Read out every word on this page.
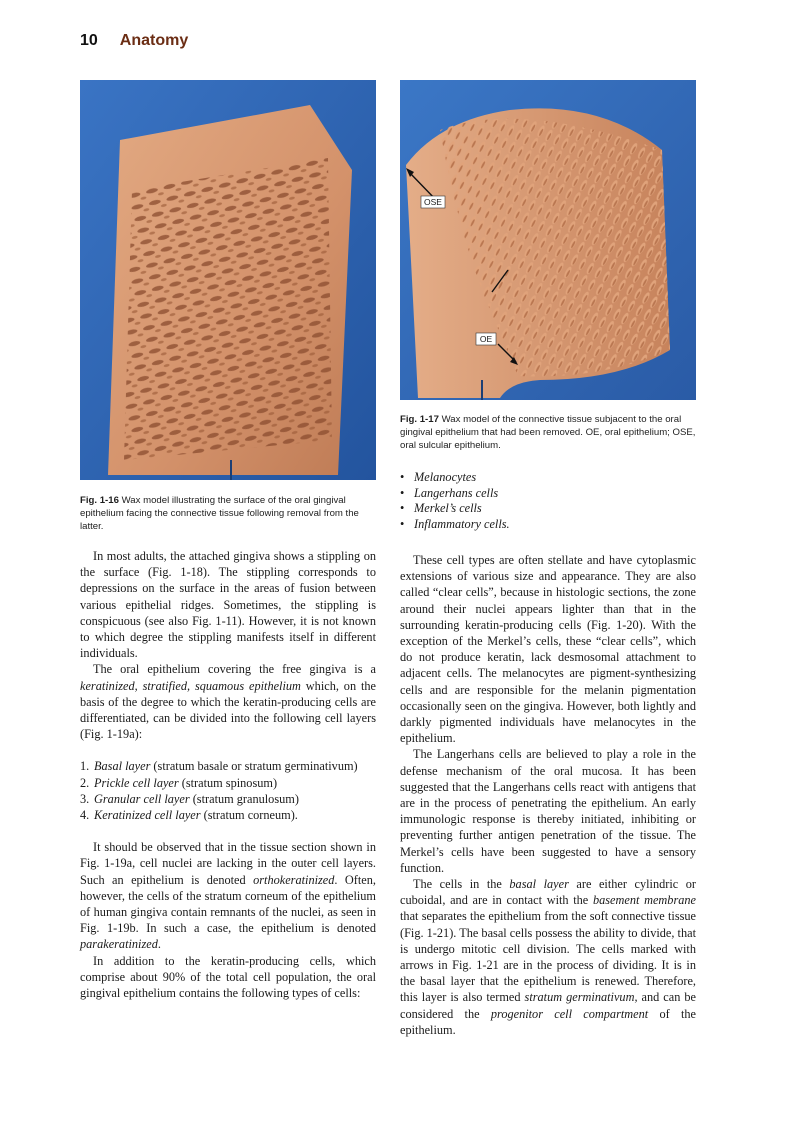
10 Anatomy
Fig. 1-16 Wax model illustrating the surface of the oral gingival epithelium facing the connective tissue following removal from the latter.
OSE
OE
Fig. 1-17 Wax model of the connective tissue subjacent to the oral gingival epithelium that had been removed. OE, oral epithelium; OSE, oral sulcular epithelium.
• Melanocytes
• Langerhans cells
• Merkel’s cells
• Inflammatory cells.

In most adults, the attached gingiva shows a stippling on the surface (Fig. 1-18). The stippling corresponds to depressions on the surface in the areas of fusion between various epithelial ridges. Sometimes, the stippling is conspicuous (see also Fig. 1-11). However, it is not known to which degree the stippling manifests itself in different individuals.

The oral epithelium covering the free gingiva is a keratinized, stratified, squamous epithelium which, on the basis of the degree to which the keratin-producing cells are differentiated, can be divided into the following cell layers (Fig. 1-19a):

1. Basal layer (stratum basale or stratum germinativum)
2. Prickle cell layer (stratum spinosum)
3. Granular cell layer (stratum granulosum)
4. Keratinized cell layer (stratum corneum).

It should be observed that in the tissue section shown in Fig. 1-19a, cell nuclei are lacking in the outer cell layers. Such an epithelium is denoted orthokeratinized. Often, however, the cells of the stratum corneum of the epithelium of human gingiva contain remnants of the nuclei, as seen in Fig. 1-19b. In such a case, the epithelium is denoted parakeratinized.

In addition to the keratin-producing cells, which comprise about 90% of the total cell population, the oral gingival epithelium contains the following types of cells:

These cell types are often stellate and have cytoplasmic extensions of various size and appearance. They are also called “clear cells”, because in histologic sections, the zone around their nuclei appears lighter than that in the surrounding keratin-producing cells (Fig. 1-20). With the exception of the Merkel’s cells, these “clear cells”, which do not produce keratin, lack desmosomal attachment to adjacent cells. The melanocytes are pigment-synthesizing cells and are responsible for the melanin pigmentation occasionally seen on the gingiva. However, both lightly and darkly pigmented individuals have melanocytes in the epithelium.

The Langerhans cells are believed to play a role in the defense mechanism of the oral mucosa. It has been suggested that the Langerhans cells react with antigens that are in the process of penetrating the epithelium. An early immunologic response is thereby initiated, inhibiting or preventing further antigen penetration of the tissue. The Merkel’s cells have been suggested to have a sensory function.

The cells in the basal layer are either cylindric or cuboidal, and are in contact with the basement membrane that separates the epithelium from the soft connective tissue (Fig. 1-21). The basal cells possess the ability to divide, that is undergo mitotic cell division. The cells marked with arrows in Fig. 1-21 are in the process of dividing. It is in the basal layer that the epithelium is renewed. Therefore, this layer is also termed stratum germinativum, and can be considered the progenitor cell compartment of the epithelium.
